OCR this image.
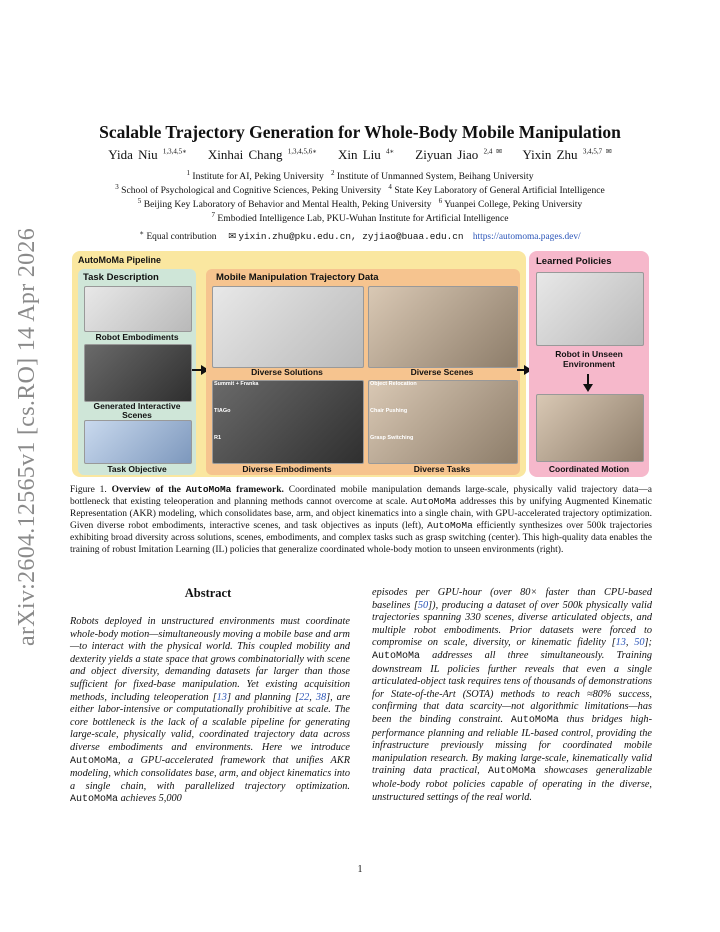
arXiv:2604.12565v1 [cs.RO] 14 Apr 2026
Scalable Trajectory Generation for Whole-Body Mobile Manipulation
Yida Niu $^{1,3,4,5∗}$ Xinhai Chang $^{1,3,4,5,6∗}$ Xin Liu $^{4∗}$ Ziyuan Jiao $^{2,4 ✉}$ Yixin Zhu $^{3,4,5,7 ✉}$
$^1$ Institute for AI, Peking University $^2$ Institute of Unmanned System, Beihang University
$^3$ School of Psychological and Cognitive Sciences, Peking University $^4$ State Key Laboratory of General Artificial Intelligence
$^5$ Beijing Key Laboratory of Behavior and Mental Health, Peking University $^6$ Yuanpei College, Peking University
$^7$ Embodied Intelligence Lab, PKU-Wuhan Institute for Artificial Intelligence
∗ Equal contribution ✉ yixin.zhu@pku.edu.cn, zyjiao@buaa.edu.cn https://automoma.pages.dev/
AutoMoMa Pipeline
Task Description
Robot Embodiments
Generated Interactive Scenes
Task Objective
Mobile Manipulation Trajectory Data
Diverse Solutions	Diverse Scenes
Summit + Franka
TIAGo
R1
Diverse Embodiments
Object Relocation
Chair Pushing
Grasp Switching
Diverse Tasks
Learned Policies
Robot in Unseen Environment
Coordinated Motion
Figure 1. Overview of the AutoMoMa framework. Coordinated mobile manipulation demands large-scale, physically valid trajectory data—a bottleneck that existing teleoperation and planning methods cannot overcome at scale. AutoMoMa addresses this by unifying Augmented Kinematic Representation (AKR) modeling, which consolidates base, arm, and object kinematics into a single chain, with GPU-accelerated trajectory optimization. Given diverse robot embodiments, interactive scenes, and task objectives as inputs (left), AutoMoMa efficiently synthesizes over 500k trajectories exhibiting broad diversity across solutions, scenes, embodiments, and complex tasks such as grasp switching (center). This high-quality data enables the training of robust Imitation Learning (IL) policies that generalize coordinated whole-body motion to unseen environments (right).
Abstract
Robots deployed in unstructured environments must coordinate whole-body motion—simultaneously moving a mobile base and arm—to interact with the physical world. This coupled mobility and dexterity yields a state space that grows combinatorially with scene and object diversity, demanding datasets far larger than those sufficient for fixed-base manipulation. Yet existing acquisition methods, including teleoperation [13] and planning [22, 38], are either labor-intensive or computationally prohibitive at scale. The core bottleneck is the lack of a scalable pipeline for generating large-scale, physically valid, coordinated trajectory data across diverse embodiments and environments. Here we introduce AutoMoMa, a GPU-accelerated framework that unifies AKR modeling, which consolidates base, arm, and object kinematics into a single chain, with parallelized trajectory optimization. AutoMoMa achieves 5,000
episodes per GPU-hour (over 80× faster than CPU-based baselines [50]), producing a dataset of over 500k physically valid trajectories spanning 330 scenes, diverse articulated objects, and multiple robot embodiments. Prior datasets were forced to compromise on scale, diversity, or kinematic fidelity [13, 50]; AutoMoMa addresses all three simultaneously. Training downstream IL policies further reveals that even a single articulated-object task requires tens of thousands of demonstrations for State-of-the-Art (SOTA) methods to reach ≈80% success, confirming that data scarcity—not algorithmic limitations—has been the binding constraint. AutoMoMa thus bridges high-performance planning and reliable IL-based control, providing the infrastructure previously missing for coordinated mobile manipulation research. By making large-scale, kinematically valid training data practical, AutoMoMa showcases generalizable whole-body robot policies capable of operating in the diverse, unstructured settings of the real world.
1
